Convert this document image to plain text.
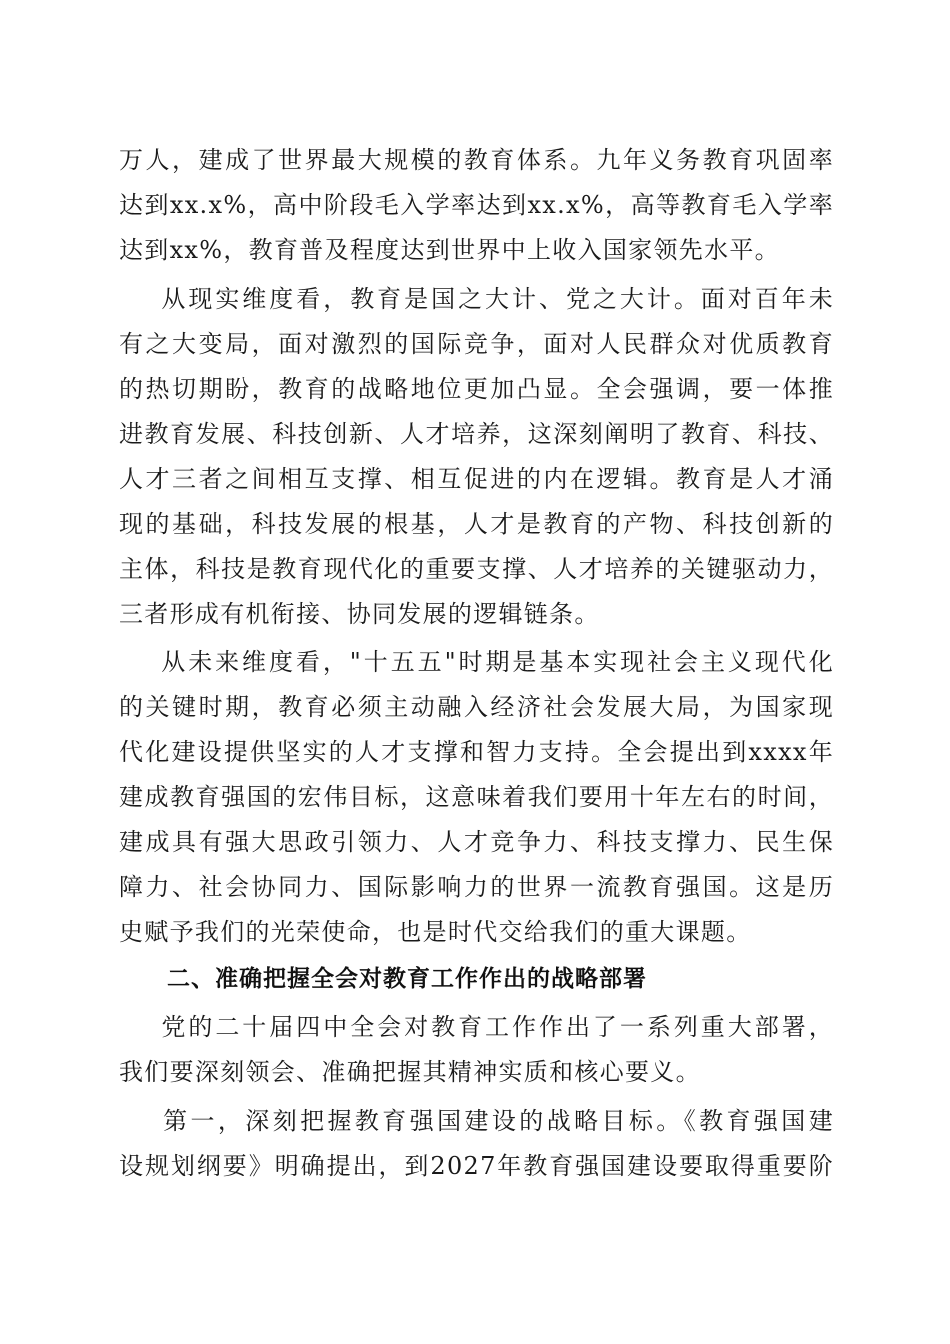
万人，建成了世界最大规模的教育体系。九年义务教育巩固率
达到xx.x%，高中阶段毛入学率达到xx.x%，高等教育毛入学率
达到xx%，教育普及程度达到世界中上收入国家领先水平。
从现实维度看，教育是国之大计、党之大计。面对百年未
有之大变局，面对激烈的国际竞争，面对人民群众对优质教育
的热切期盼，教育的战略地位更加凸显。全会强调，要一体推
进教育发展、科技创新、人才培养，这深刻阐明了教育、科技、
人才三者之间相互支撑、相互促进的内在逻辑。教育是人才涌
现的基础，科技发展的根基，人才是教育的产物、科技创新的
主体，科技是教育现代化的重要支撑、人才培养的关键驱动力，
三者形成有机衔接、协同发展的逻辑链条。
从未来维度看，"十五五"时期是基本实现社会主义现代化
的关键时期，教育必须主动融入经济社会发展大局，为国家现
代化建设提供坚实的人才支撑和智力支持。全会提出到xxxx年
建成教育强国的宏伟目标，这意味着我们要用十年左右的时间，
建成具有强大思政引领力、人才竞争力、科技支撑力、民生保
障力、社会协同力、国际影响力的世界一流教育强国。这是历
史赋予我们的光荣使命，也是时代交给我们的重大课题。
二、准确把握全会对教育工作作出的战略部署
党的二十届四中全会对教育工作作出了一系列重大部署，
我们要深刻领会、准确把握其精神实质和核心要义。
第一，深刻把握教育强国建设的战略目标。《教育强国建
设规划纲要》明确提出，到2027年教育强国建设要取得重要阶
